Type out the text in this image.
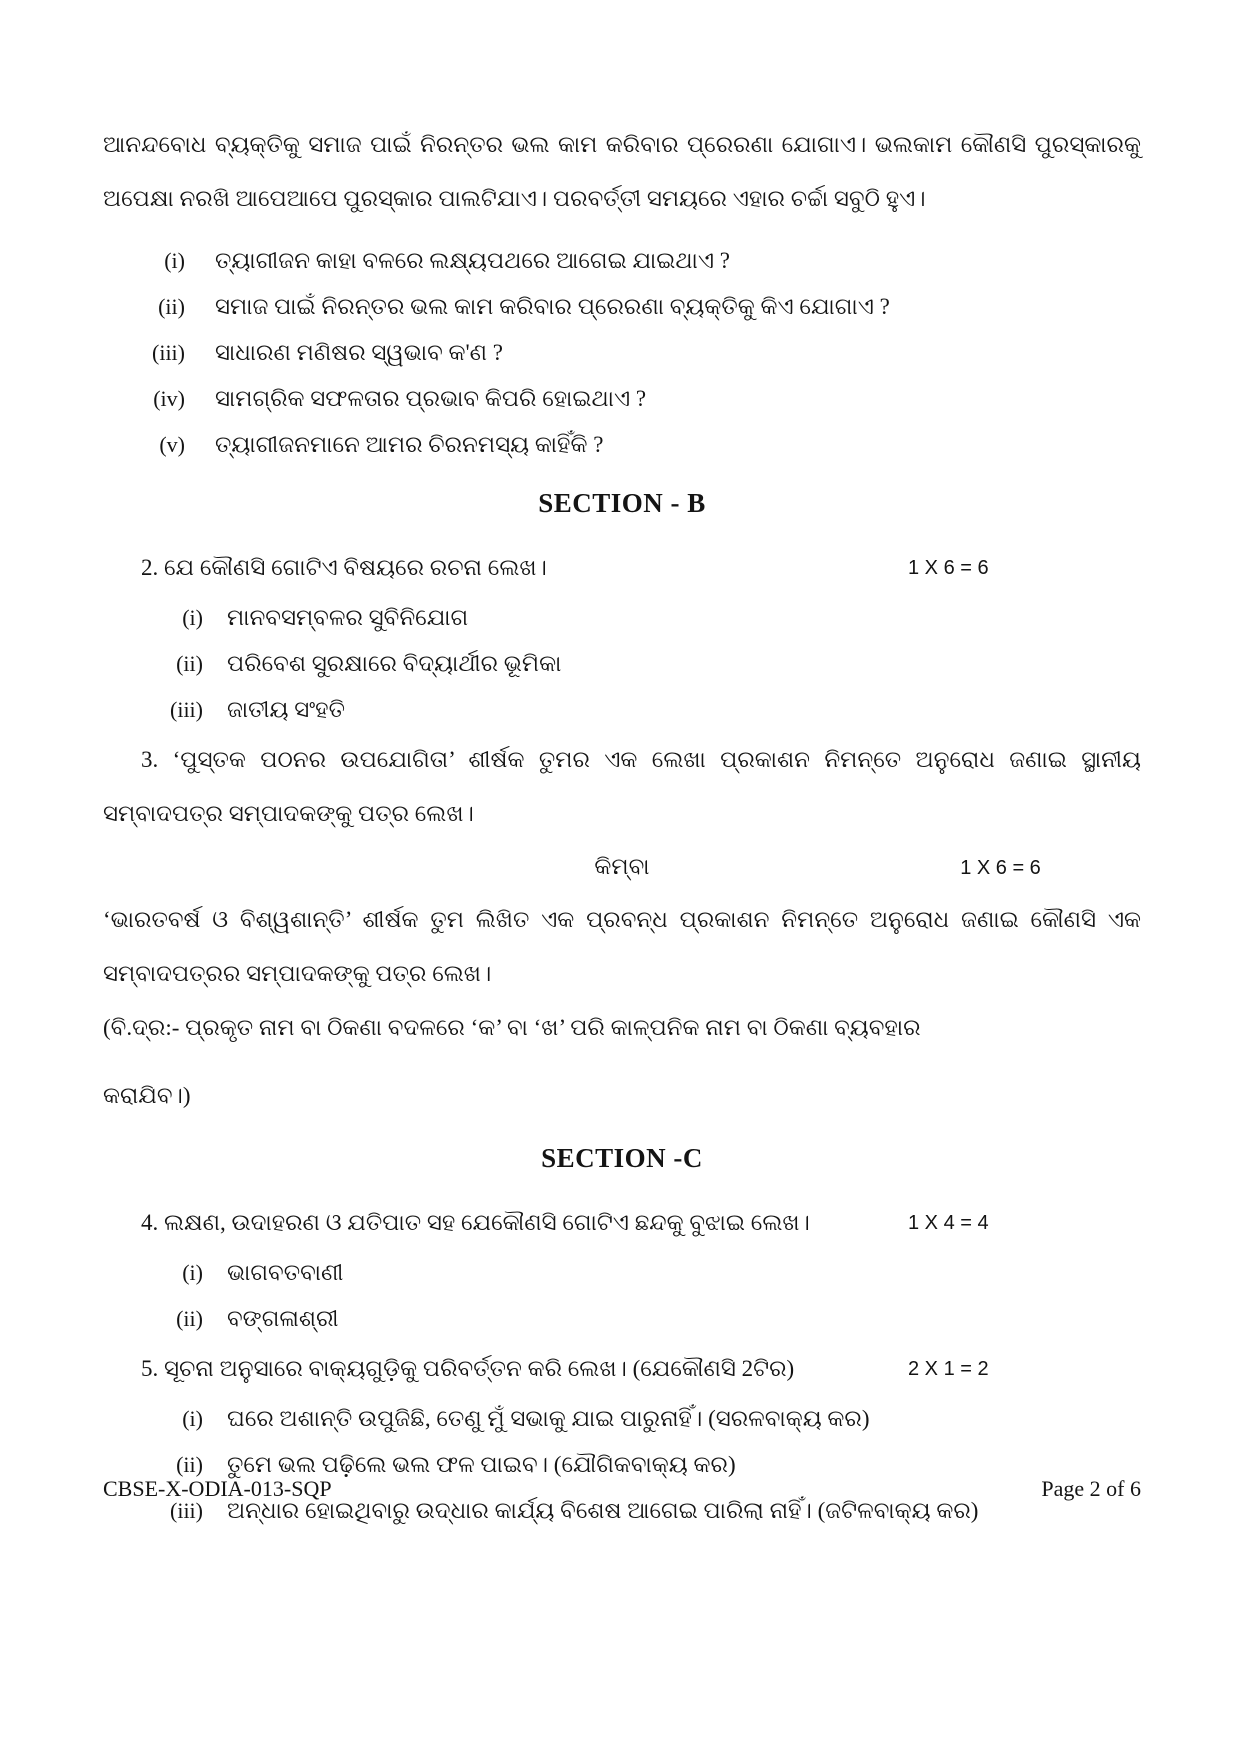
ଆନନ୍ଦବୋଧ ବ୍ୟକ୍ତିକୁ ସମାଜ ପାଇଁ ନିରନ୍ତର ଭଲ କାମ କରିବାର ପ୍ରେରଣା ଯୋଗାଏ। ଭଲକାମ କୌଣସି ପୁରସ୍କାରକୁ ଅପେକ୍ଷା ନରଖି ଆପେଆପେ ପୁରସ୍କାର ପାଲଟିଯାଏ। ପରବର୍ତ୍ତୀ ସମୟରେ ଏହାର ଚର୍ଚ୍ଚା ସବୁଠି ହୁଏ।

(i) ତ୍ୟାଗୀଜନ କାହା ବଳରେ ଲକ୍ଷ୍ୟପଥରେ ଆଗେଇ ଯାଇଥାଏ ?
(ii) ସମାଜ ପାଇଁ ନିରନ୍ତର ଭଲ କାମ କରିବାର ପ୍ରେରଣା ବ୍ୟକ୍ତିକୁ କିଏ ଯୋଗାଏ ?
(iii) ସାଧାରଣ ମଣିଷର ସ୍ୱଭାବ କ'ଣ ?
(iv) ସାମଗ୍ରିକ ସଫଳତାର ପ୍ରଭାବ କିପରି ହୋଇଥାଏ ?
(v) ତ୍ୟାଗୀଜନମାନେ ଆମର ଚିରନମସ୍ୟ କାହିଁକି ?
SECTION - B

2. ଯେ କୌଣସି ଗୋଟିଏ ବିଷୟରେ ରଚନା ଲେଖ।	1 X 6 = 6

(i) ମାନବସମ୍ବଳର ସୁବିନିଯୋଗ
(ii) ପରିବେଶ ସୁରକ୍ଷାରେ ବିଦ୍ୟାର୍ଥୀର ଭୂମିକା
(iii) ଜାତୀୟ ସଂହତି

3. ‘ପୁସ୍ତକ ପଠନର ଉପଯୋଗିତା’ ଶୀର୍ଷକ ତୁମର ଏକ ଲେଖା ପ୍ରକାଶନ ନିମନ୍ତେ ଅନୁରୋଧ ଜଣାଇ ସ୍ଥାନୀୟ ସମ୍ବାଦପତ୍ର ସମ୍ପାଦକଙ୍କୁ ପତ୍ର ଲେଖ।

କିମ୍ବା	1 X 6 = 6

‘ଭାରତବର୍ଷ ଓ ବିଶ୍ୱଶାନ୍ତି’ ଶୀର୍ଷକ ତୁମ ଲିଖିତ ଏକ ପ୍ରବନ୍ଧ ପ୍ରକାଶନ ନିମନ୍ତେ ଅନୁରୋଧ ଜଣାଇ କୌଣସି ଏକ ସମ୍ବାଦପତ୍ରର ସମ୍ପାଦକଙ୍କୁ ପତ୍ର ଲେଖ।

(ବି.ଦ୍ର:- ପ୍ରକୃତ ନାମ ବା ଠିକଣା ବଦଳରେ ‘କ’ ବା ‘ଖ’ ପରି କାଳ୍ପନିକ ନାମ ବା ଠିକଣା ବ୍ୟବହାର

କରାଯିବ।)

SECTION -C

4. ଲକ୍ଷଣ, ଉଦାହରଣ ଓ ଯତିପାତ ସହ ଯେକୌଣସି ଗୋଟିଏ ଛନ୍ଦକୁ ବୁଝାଇ ଲେଖ।	1 X 4 = 4

(i) ଭାଗବତବାଣୀ
(ii) ବଙ୍ଗଳାଶ୍ରୀ

5. ସୂଚନା ଅନୁସାରେ ବାକ୍ୟଗୁଡ଼ିକୁ ପରିବର୍ତ୍ତନ କରି ଲେଖ। (ଯେକୌଣସି 2ଟିର)	2 X 1 = 2

(i) ଘରେ ଅଶାନ୍ତି ଉପୁଜିଛି, ତେଣୁ ମୁଁ ସଭାକୁ ଯାଇ ପାରୁନାହିଁ। (ସରଳବାକ୍ୟ କର)
(ii) ତୁମେ ଭଲ ପଢ଼ିଲେ ଭଲ ଫଳ ପାଇବ। (ଯୌଗିକବାକ୍ୟ କର)
(iii) ଅନ୍ଧାର ହୋଇଥିବାରୁ ଉଦ୍ଧାର କାର୍ଯ୍ୟ ବିଶେଷ ଆଗେଇ ପାରିଲା ନାହିଁ। (ଜଟିଳବାକ୍ୟ କର)
CBSE-X-ODIA-013-SQP	Page 2 of 6
